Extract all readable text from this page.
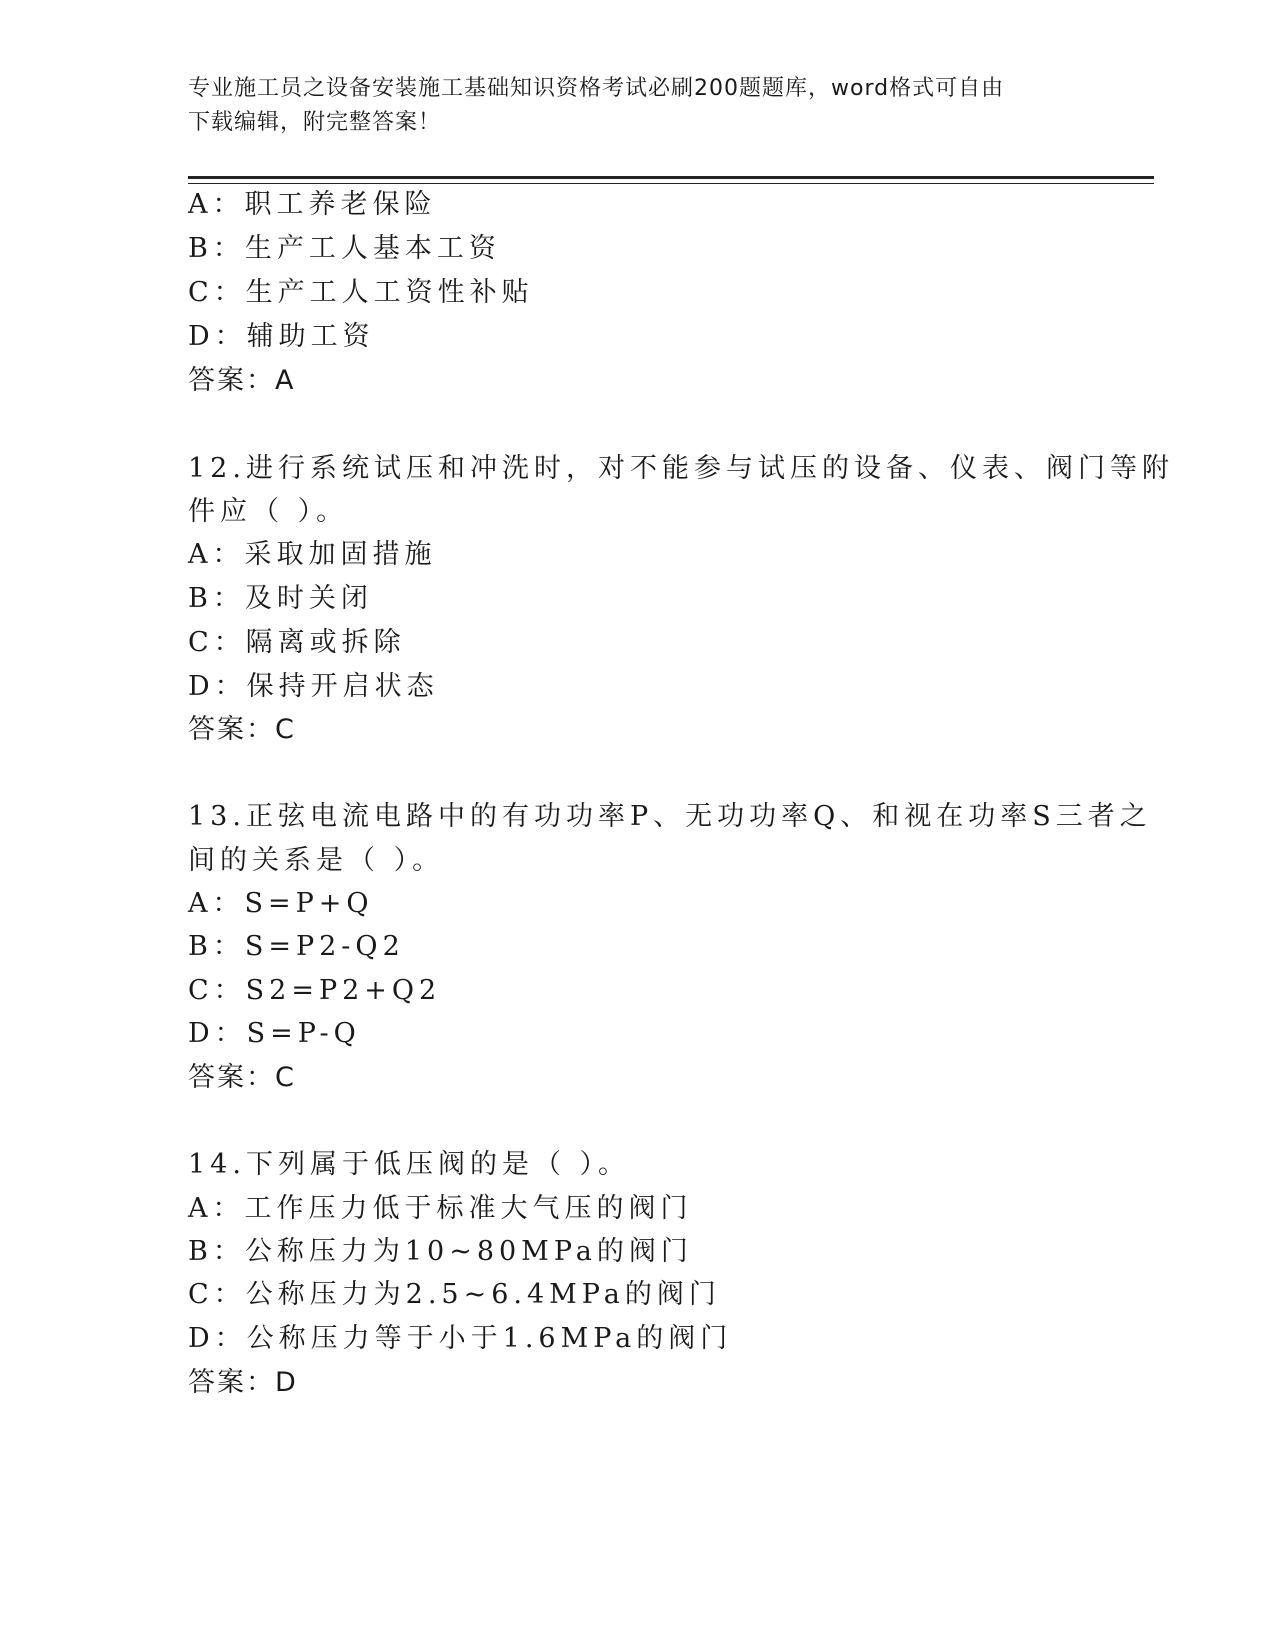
专业施工员之设备安装施工基础知识资格考试必刷200题题库，word格式可自由
下载编辑，附完整答案！
A：职工养老保险
B：生产工人基本工资
C：生产工人工资性补贴
D：辅助工资
答案：A
12.进行系统试压和冲洗时，对不能参与试压的设备、仪表、阀门等附
件应（ ）。
A：采取加固措施
B：及时关闭
C：隔离或拆除
D：保持开启状态
答案：C
13.正弦电流电路中的有功功率P、无功功率Q、和视在功率S三者之
间的关系是（ ）。
A：S=P+Q
B：S=P2-Q2
C：S2=P2+Q2
D：S=P-Q
答案：C
14.下列属于低压阀的是（ ）。
A：工作压力低于标准大气压的阀门
B：公称压力为10~80MPa的阀门
C：公称压力为2.5~6.4MPa的阀门
D：公称压力等于小于1.6MPa的阀门
答案：D
